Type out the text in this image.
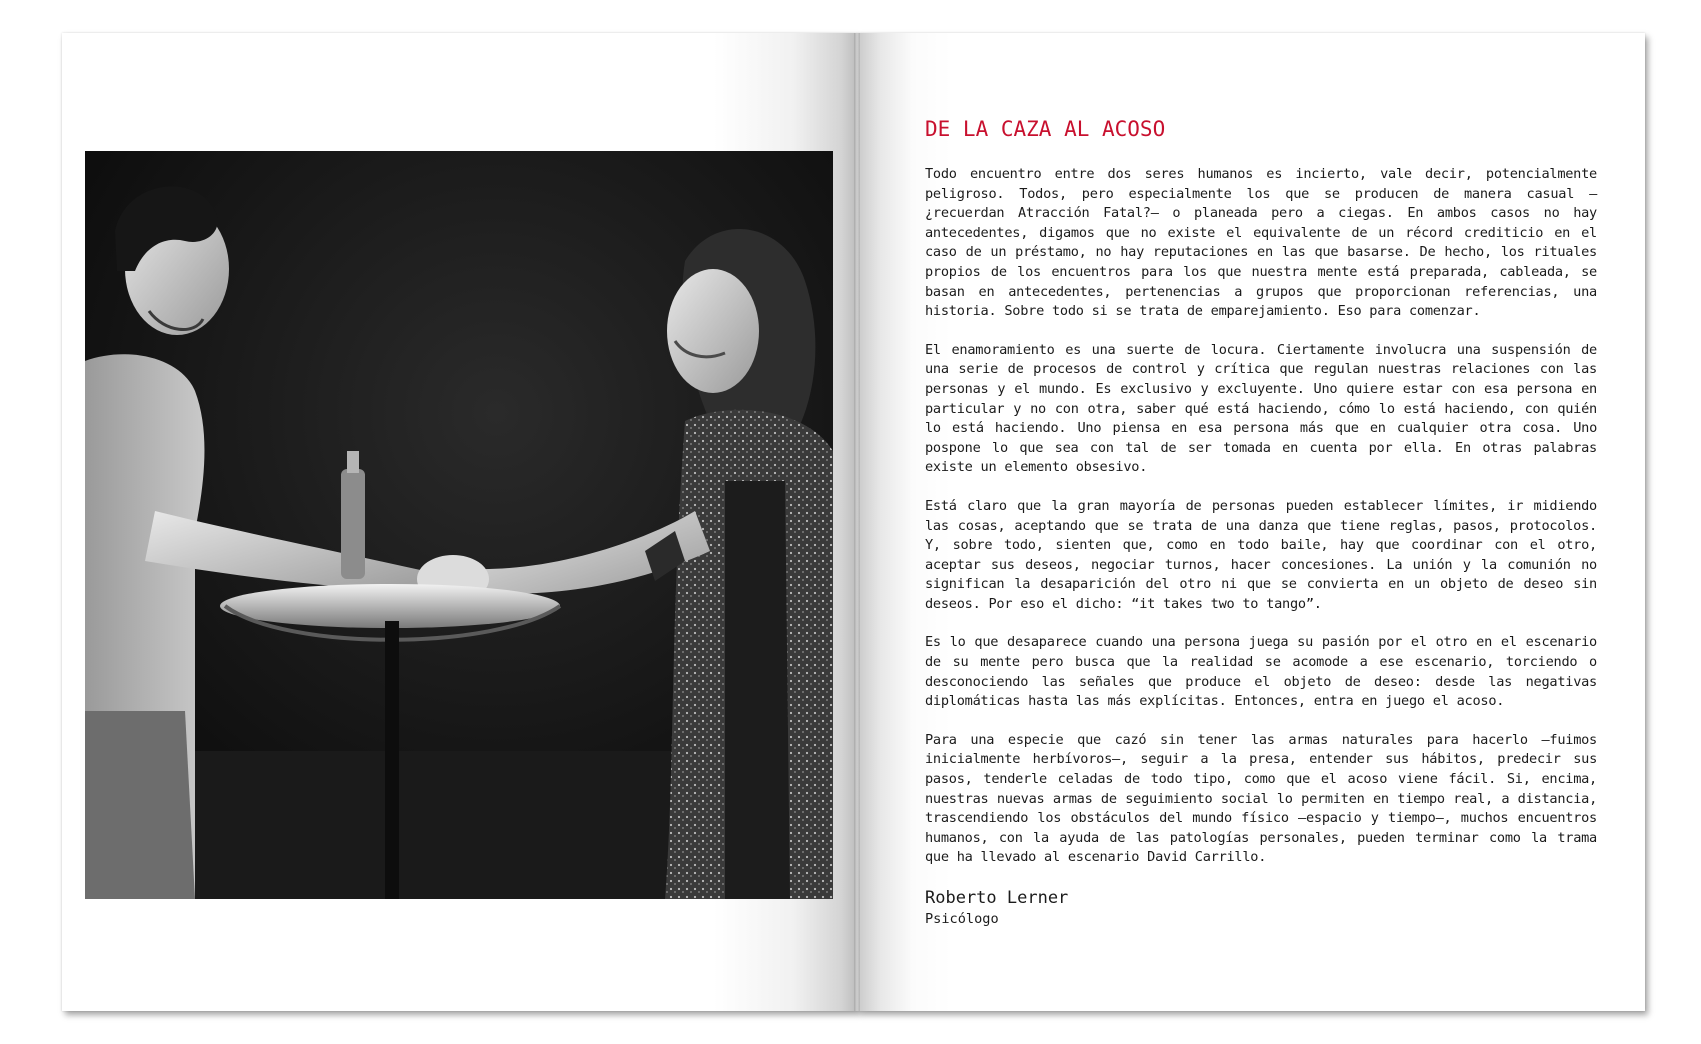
DE LA CAZA AL ACOSO

Todo encuentro entre dos seres humanos es incierto, vale decir, potencialmente peligroso. Todos, pero especialmente los que se producen de manera casual —¿recuerdan Atracción Fatal?— o planeada pero a ciegas. En ambos casos no hay antecedentes, digamos que no existe el equivalente de un récord crediticio en el caso de un préstamo, no hay reputaciones en las que basarse. De hecho, los rituales propios de los encuentros para los que nuestra mente está preparada, cableada, se basan en antecedentes, pertenencias a grupos que proporcionan referencias, una historia. Sobre todo si se trata de emparejamiento. Eso para comenzar.

El enamoramiento es una suerte de locura. Ciertamente involucra una suspensión de una serie de procesos de control y crítica que regulan nuestras relaciones con las personas y el mundo. Es exclusivo y excluyente. Uno quiere estar con esa persona en particular y no con otra, saber qué está haciendo, cómo lo está haciendo, con quién lo está haciendo. Uno piensa en esa persona más que en cualquier otra cosa. Uno pospone lo que sea con tal de ser tomada en cuenta por ella. En otras palabras existe un elemento obsesivo.

Está claro que la gran mayoría de personas pueden establecer límites, ir midiendo las cosas, aceptando que se trata de una danza que tiene reglas, pasos, protocolos. Y, sobre todo, sienten que, como en todo baile, hay que coordinar con el otro, aceptar sus deseos, negociar turnos, hacer concesiones. La unión y la comunión no significan la desaparición del otro ni que se convierta en un objeto de deseo sin deseos. Por eso el dicho: “it takes two to tango”.

Es lo que desaparece cuando una persona juega su pasión por el otro en el escenario de su mente pero busca que la realidad se acomode a ese escenario, torciendo o desconociendo las señales que produce el objeto de deseo: desde las negativas diplomáticas hasta las más explícitas. Entonces, entra en juego el acoso.

Para una especie que cazó sin tener las armas naturales para hacerlo —fuimos inicialmente herbívoros—, seguir a la presa, entender sus hábitos, predecir sus pasos, tenderle celadas de todo tipo, como que el acoso viene fácil. Si, encima, nuestras nuevas armas de seguimiento social lo permiten en tiempo real, a distancia, trascendiendo los obstáculos del mundo físico —espacio y tiempo—, muchos encuentros humanos, con la ayuda de las patologías personales, pueden terminar como la trama que ha llevado al escenario David Carrillo.

Roberto Lerner
Psicólogo
